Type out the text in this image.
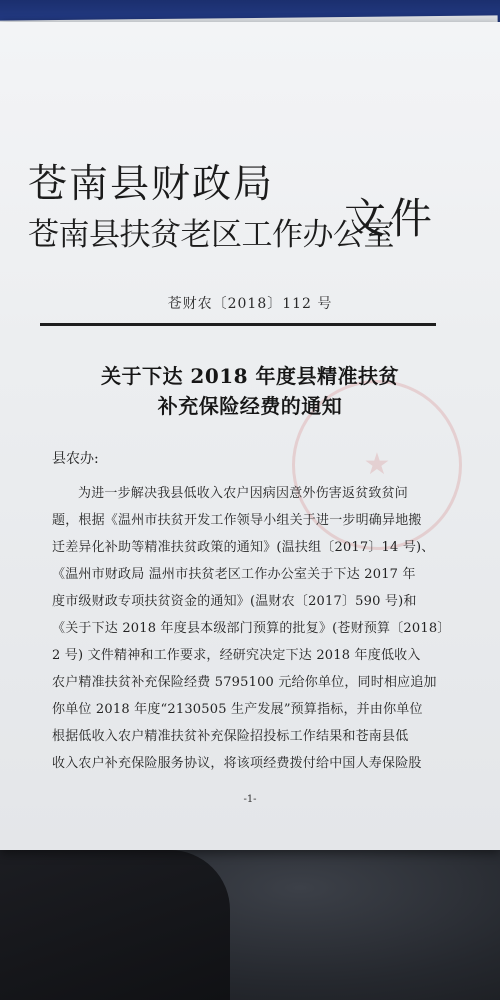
★
苍南县财政局
苍南县扶贫老区工作办公室
文件
苍财农〔2018〕112 号
关于下达 2018 年度县精准扶贫
补充保险经费的通知
县农办:
为进一步解决我县低收入农户因病因意外伤害返贫致贫问
题，根据《温州市扶贫开发工作领导小组关于进一步明确异地搬
迁差异化补助等精准扶贫政策的通知》(温扶组〔2017〕14 号)、
《温州市财政局 温州市扶贫老区工作办公室关于下达 2017 年
度市级财政专项扶贫资金的通知》(温财农〔2017〕590 号)和
《关于下达 2018 年度县本级部门预算的批复》(苍财预算〔2018〕
2 号) 文件精神和工作要求，经研究决定下达 2018 年度低收入
农户精准扶贫补充保险经费 5795100 元给你单位，同时相应追加
你单位 2018 年度“2130505 生产发展”预算指标，并由你单位
根据低收入农户精准扶贫补充保险招投标工作结果和苍南县低
收入农户补充保险服务协议，将该项经费拨付给中国人寿保险股
-1-
